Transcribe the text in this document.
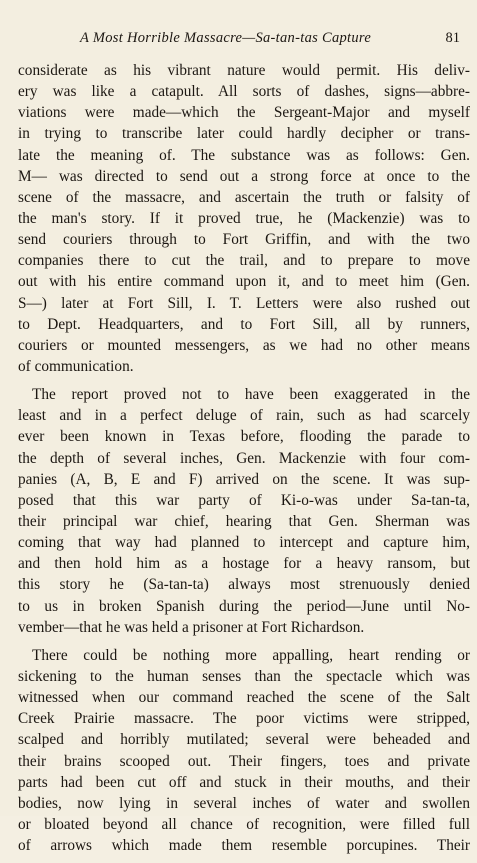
A Most Horrible Massacre—Sa-tan-tas Capture	81
considerate as his vibrant nature would permit. His deliv-
ery was like a catapult. All sorts of dashes, signs—abbre-
viations were made—which the Sergeant-Major and myself
in trying to transcribe later could hardly decipher or trans-
late the meaning of. The substance was as follows: Gen.
M— was directed to send out a strong force at once to the
scene of the massacre, and ascertain the truth or falsity of
the man's story. If it proved true, he (Mackenzie) was to
send couriers through to Fort Griffin, and with the two
companies there to cut the trail, and to prepare to move
out with his entire command upon it, and to meet him (Gen.
S—) later at Fort Sill, I. T. Letters were also rushed out
to Dept. Headquarters, and to Fort Sill, all by runners,
couriers or mounted messengers, as we had no other means
of communication.
The report proved not to have been exaggerated in the
least and in a perfect deluge of rain, such as had scarcely
ever been known in Texas before, flooding the parade to
the depth of several inches, Gen. Mackenzie with four com-
panies (A, B, E and F) arrived on the scene. It was sup-
posed that this war party of Ki-o-was under Sa-tan-ta,
their principal war chief, hearing that Gen. Sherman was
coming that way had planned to intercept and capture him,
and then hold him as a hostage for a heavy ransom, but
this story he (Sa-tan-ta) always most strenuously denied
to us in broken Spanish during the period—June until No-
vember—that he was held a prisoner at Fort Richardson.
There could be nothing more appalling, heart rending or
sickening to the human senses than the spectacle which was
witnessed when our command reached the scene of the Salt
Creek Prairie massacre. The poor victims were stripped,
scalped and horribly mutilated; several were beheaded and
their brains scooped out. Their fingers, toes and private
parts had been cut off and stuck in their mouths, and their
bodies, now lying in several inches of water and swollen
or bloated beyond all chance of recognition, were filled full
of arrows which made them resemble porcupines. Their
